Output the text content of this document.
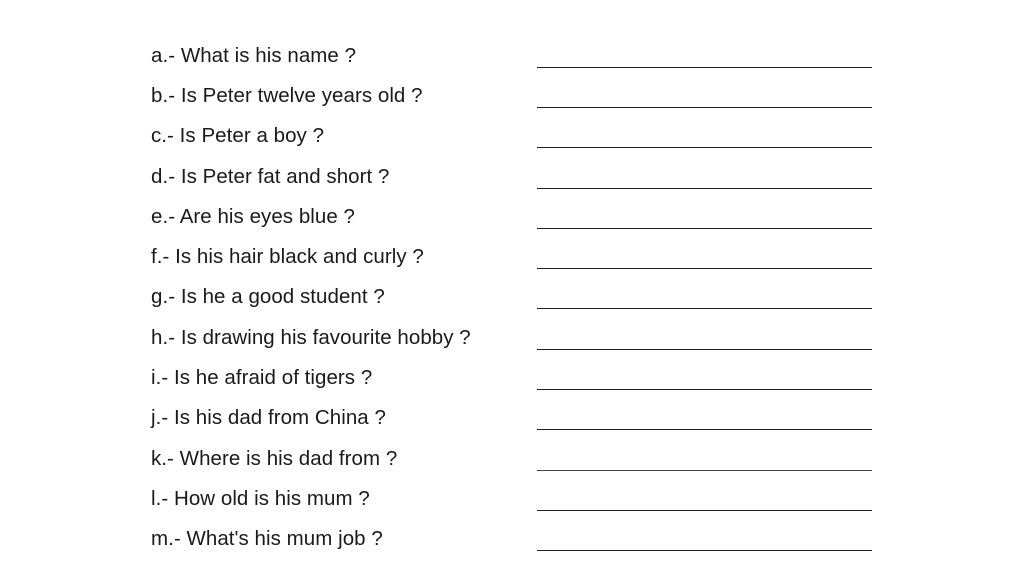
a.- What is his name ?
b.- Is Peter twelve years old ?
c.- Is Peter a boy ?
d.- Is Peter fat and short ?
e.- Are his eyes blue ?
f.- Is his hair black and curly ?
g.- Is he a good student ?
h.- Is drawing his favourite hobby ?
i.- Is he afraid of tigers ?
j.- Is his dad from China ?
k.- Where is his dad from ?
l.- How old is his mum ?
m.- What's his mum job ?
